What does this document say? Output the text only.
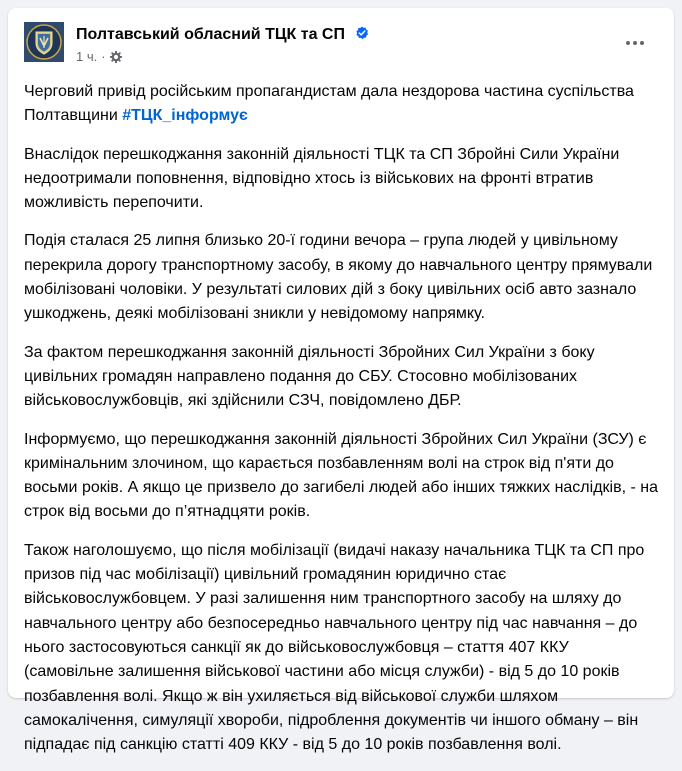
Полтавський обласний ТЦК та СП
1 ч. ·

Черговий привід російським пропагандистам дала нездорова частина суспільства Полтавщини #ТЦК_інформує

Внаслідок перешкоджання законній діяльності ТЦК та СП Збройні Сили України недоотримали поповнення, відповідно хтось із військових на фронті втратив можливість перепочити.

Подія сталася 25 липня близько 20-ї години вечора – група людей у цивільному перекрила дорогу транспортному засобу, в якому до навчального центру прямували мобілізовані чоловіки. У результаті силових дій з боку цивільних осіб авто зазнало ушкоджень, деякі мобілізовані зникли у невідомому напрямку.

За фактом перешкоджання законній діяльності Збройних Сил України з боку цивільних громадян направлено подання до СБУ. Стосовно мобілізованих військовослужбовців, які здійснили СЗЧ, повідомлено ДБР.

Інформуємо, що перешкоджання законній діяльності Збройних Сил України (ЗСУ) є кримінальним злочином, що карається позбавленням волі на строк від п'яти до восьми років. А якщо це призвело до загибелі людей або інших тяжких наслідків, - на строк від восьми до п’ятнадцяти років.

Також наголошуємо, що після мобілізації (видачі наказу начальника ТЦК та СП про призов під час мобілізації) цивільний громадянин юридично стає військовослужбовцем. У разі залишення ним транспортного засобу на шляху до навчального центру або безпосередньо навчального центру під час навчання – до нього застосовуються санкції як до військовослужбовця – стаття 407 ККУ (самовільне залишення військової частини або місця служби) - від 5 до 10 років позбавлення волі. Якщо ж він ухиляється від військової служби шляхом самокалічення, симуляції хвороби, підроблення документів чи іншого обману – він підпадає під санкцію статті 409 ККУ - від 5 до 10 років позбавлення волі.
